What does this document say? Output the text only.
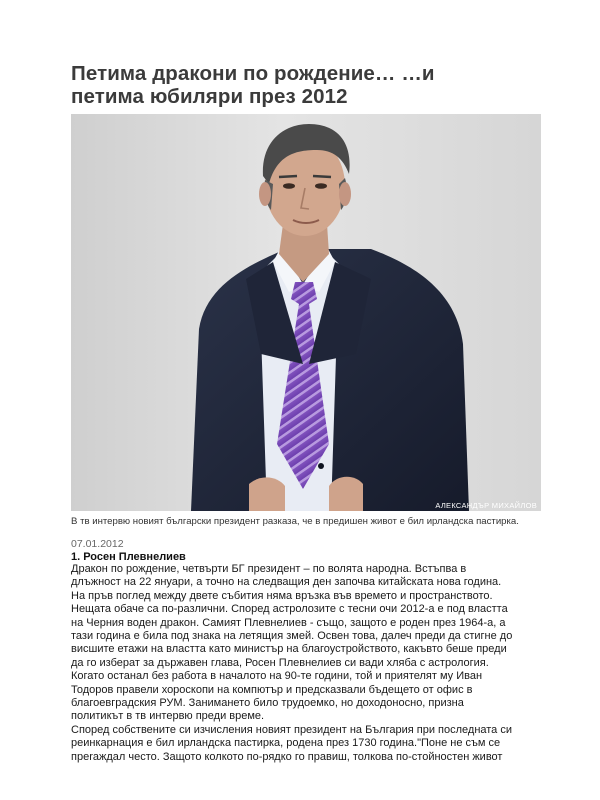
Петима дракони по рождение… …и
петима юбиляри през 2012
АЛЕКСАНДЪР МИХАЙЛОВ
В тв интервю новият български президент разказа, че в предишен живот е бил ирландска пастирка.
07.01.2012
1. Росен Плевнелиев

Дракон по рождение, четвърти БГ президент – по волята народна. Встъпва в

длъжност на 22 януари, а точно на следващия ден започва китайската нова година.

На пръв поглед между двете събития няма връзка във времето и пространството.

Нещата обаче са по-различни. Според астролозите с тесни очи 2012-а е под властта

на Черния воден дракон. Самият Плевнелиев - също, защото е роден през 1964-а, а

тази година е била под знака на летящия змей. Освен това, далеч преди да стигне до

висшите етажи на властта като министър на благоустройството, какъвто беше преди

да го изберат за държавен глава, Росен Плевнелиев си вади хляба с астрология.

Когато останал без работа в началото на 90-те години, той и приятелят му Иван

Тодоров правели хороскопи на компютър и предсказвали бъдещето от офис в

благоевградския РУМ. Занимането било трудоемко, но доходоносно, призна

политикът в тв интервю преди време.

Според собствените си изчисления новият президент на България при последната си

реинкарнация е бил ирландска пастирка, родена през 1730 година."Поне не съм се

преraждал често. Защото колкото по-рядко го правиш, толкова по-стойностен живот
